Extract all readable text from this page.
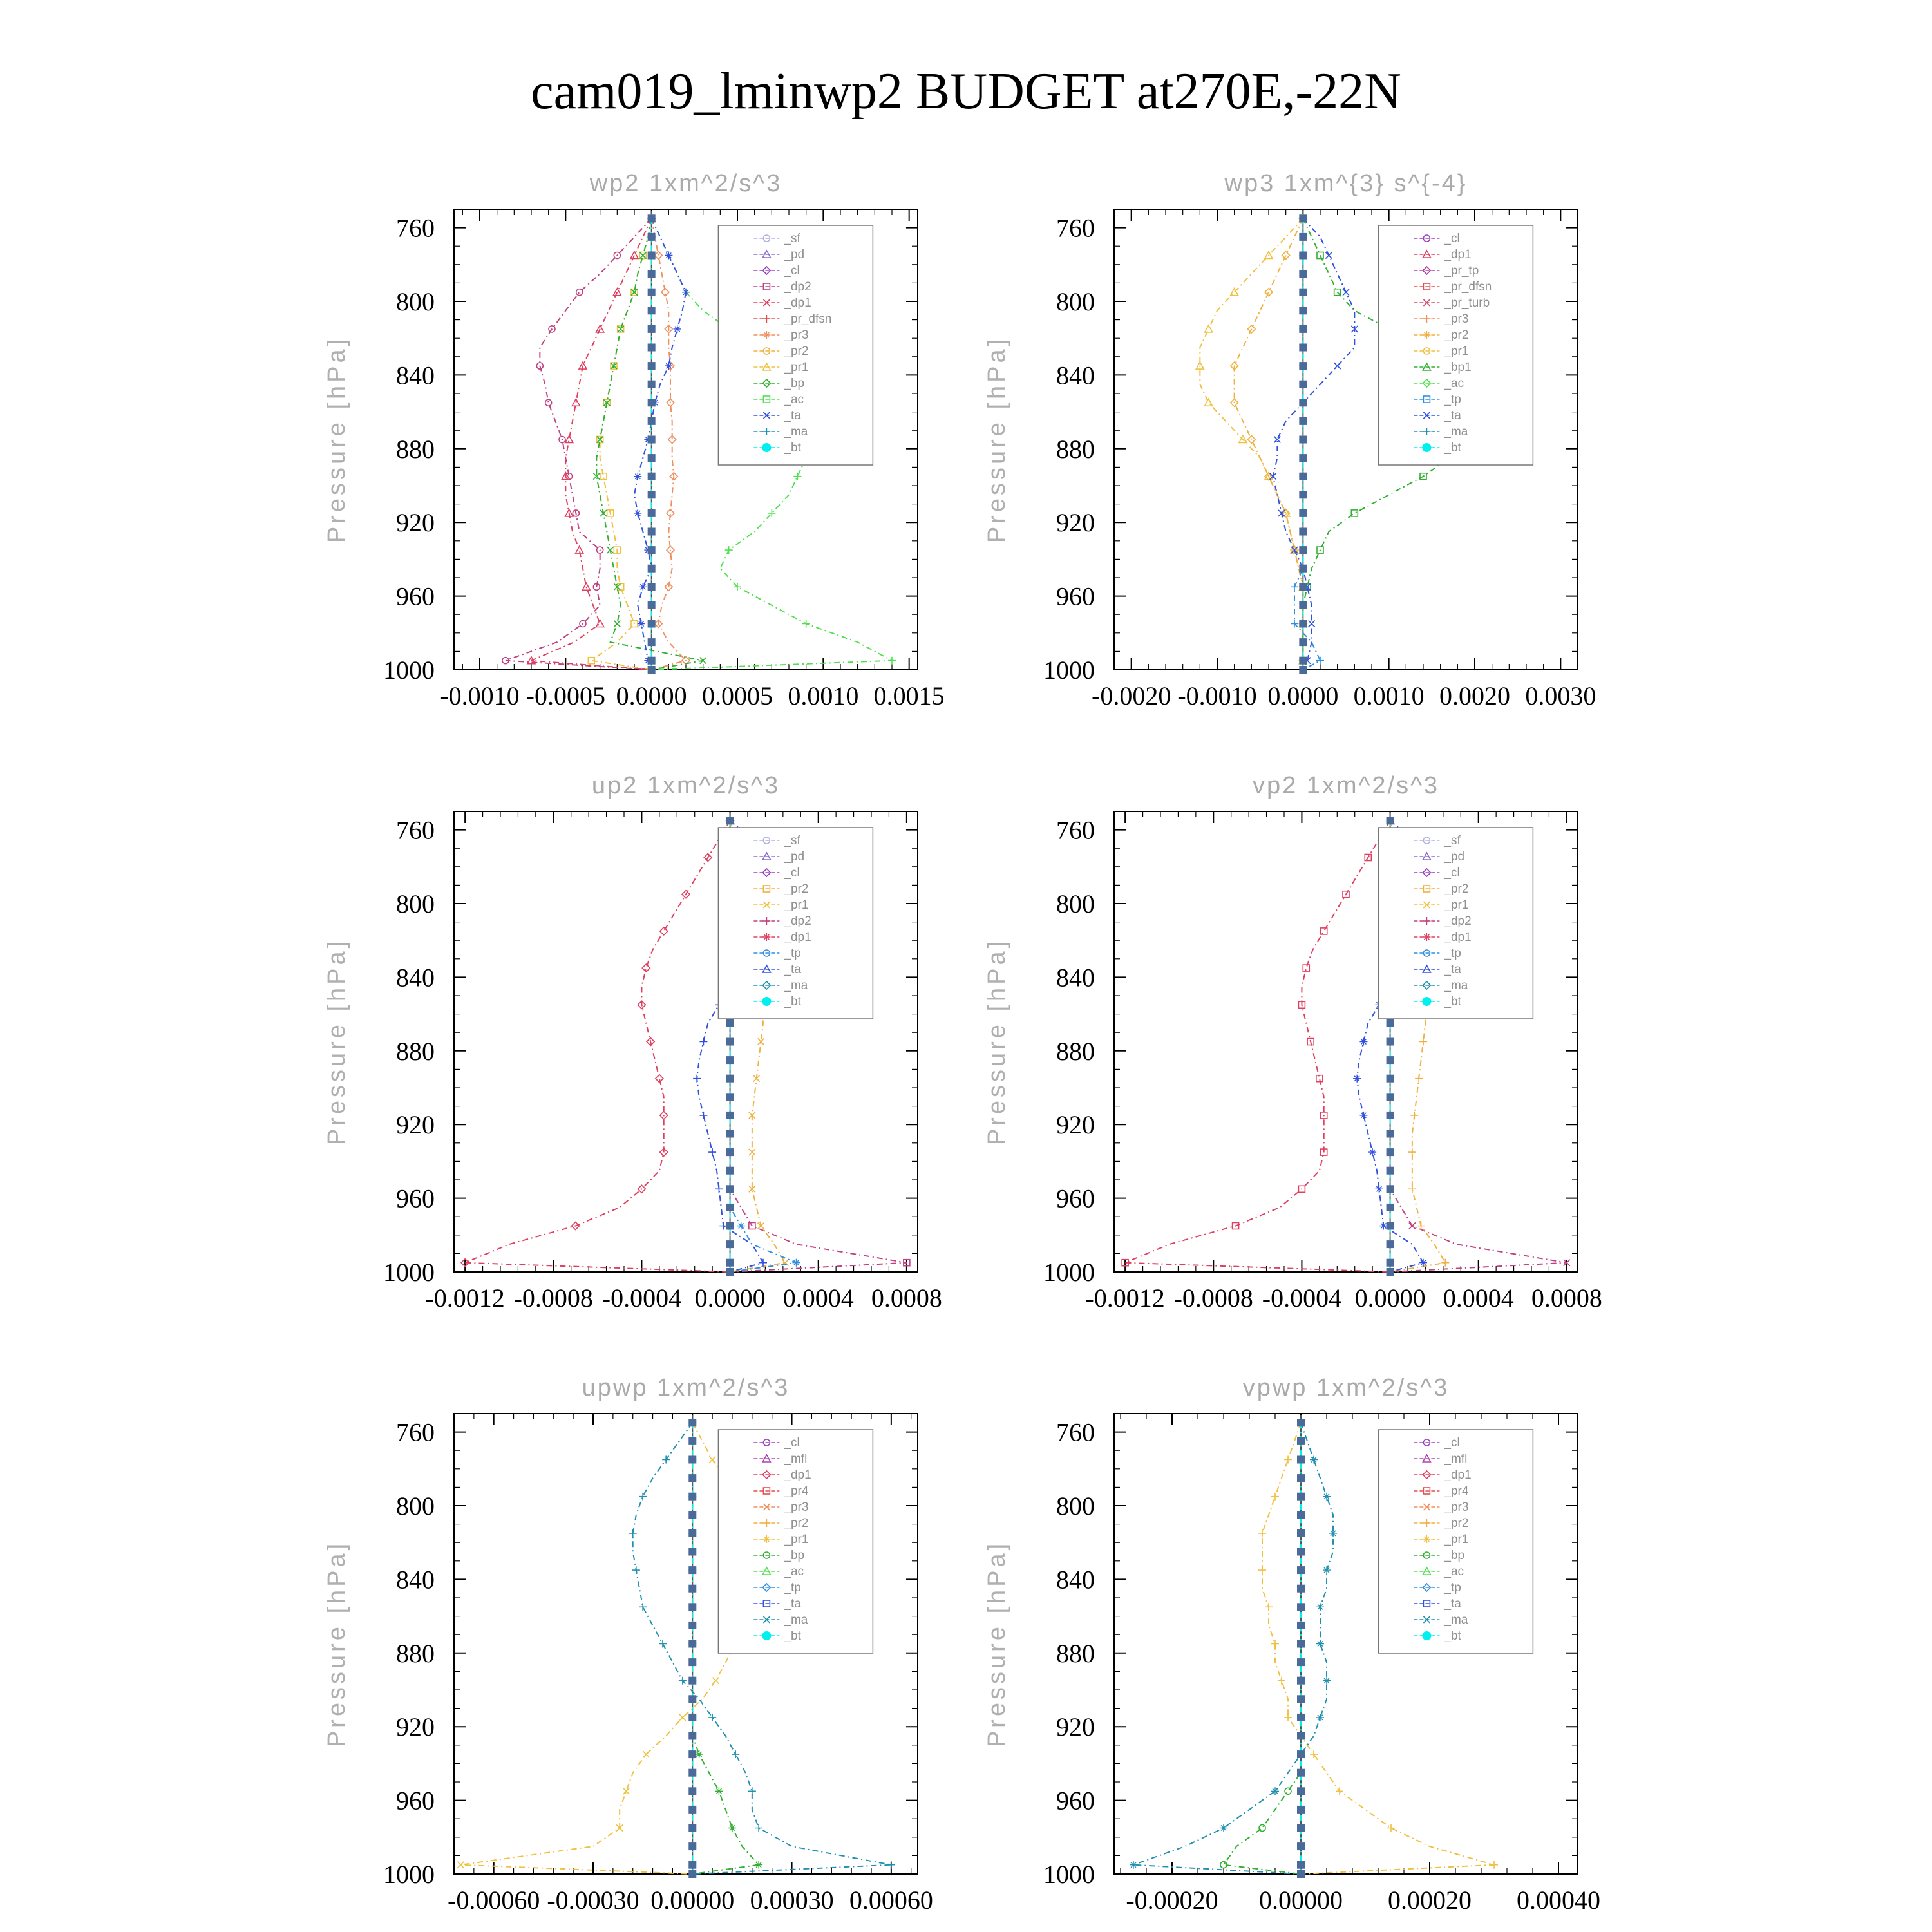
cam019_lminwp2 BUDGET at270E,-22N
wp2 1xm^2/s^3
Pressure [hPa]
760
800
840
880
920
960
1000
-0.0010 -0.0005 0.0000 0.0005 0.0010 0.0015
_sf
_pd
_cl
_dp2
_dp1
_pr_dfsn
_pr3
_pr2
_pr1
_bp
_ac
_ta
_ma
_bt
wp3 1xm^{3} s^{-4}
Pressure [hPa]
760
800
840
880
920
960
1000
-0.0020 -0.0010 0.0000 0.0010 0.0020 0.0030
_cl
_dp1
_pr_tp
_pr_dfsn
_pr_turb
_pr3
_pr2
_pr1
_bp1
_ac
_tp
_ta
_ma
_bt
up2 1xm^2/s^3
Pressure [hPa]
760
800
840
880
920
960
1000
-0.0012 -0.0008 -0.0004 0.0000 0.0004 0.0008
_sf
_pd
_cl
_pr2
_pr1
_dp2
_dp1
_tp
_ta
_ma
_bt
vp2 1xm^2/s^3
Pressure [hPa]
760
800
840
880
920
960
1000
-0.0012 -0.0008 -0.0004 0.0000 0.0004 0.0008
_sf
_pd
_cl
_pr2
_pr1
_dp2
_dp1
_tp
_ta
_ma
_bt
upwp 1xm^2/s^3
Pressure [hPa]
760
800
840
880
920
960
1000
-0.00060 -0.00030 0.00000 0.00030 0.00060
_cl
_mfl
_dp1
_pr4
_pr3
_pr2
_pr1
_bp
_ac
_tp
_ta
_ma
_bt
vpwp 1xm^2/s^3
Pressure [hPa]
760
800
840
880
920
960
1000
-0.00020 0.00000 0.00020 0.00040
_cl
_mfl
_dp1
_pr4
_pr3
_pr2
_pr1
_bp
_ac
_tp
_ta
_ma
_bt
